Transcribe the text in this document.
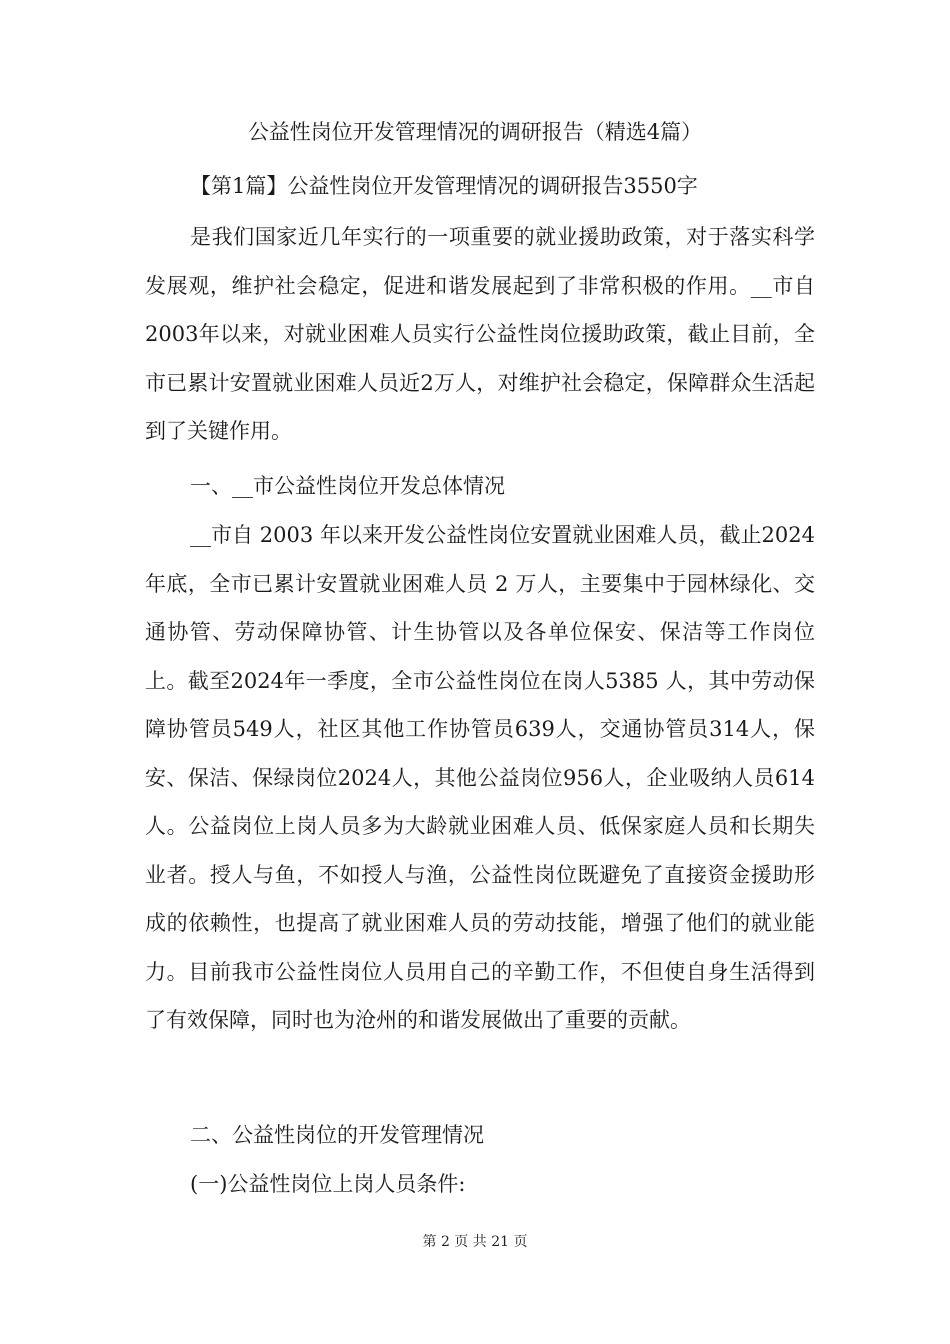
公益性岗位开发管理情况的调研报告（精选4篇）
【第1篇】公益性岗位开发管理情况的调研报告3550字

是我们国家近几年实行的一项重要的就业援助政策，对于落实科学发展观，维护社会稳定，促进和谐发展起到了非常积极的作用。__市自2003年以来，对就业困难人员实行公益性岗位援助政策，截止目前，全市已累计安置就业困难人员近2万人，对维护社会稳定，保障群众生活起到了关键作用。

一、__市公益性岗位开发总体情况

__市自 2003 年以来开发公益性岗位安置就业困难人员，截止2024年底，全市已累计安置就业困难人员 2 万人，主要集中于园林绿化、交通协管、劳动保障协管、计生协管以及各单位保安、保洁等工作岗位上。截至2024年一季度，全市公益性岗位在岗人5385 人，其中劳动保障协管员549人，社区其他工作协管员639人，交通协管员314人，保安、保洁、保绿岗位2024人，其他公益岗位956人，企业吸纳人员614人。公益岗位上岗人员多为大龄就业困难人员、低保家庭人员和长期失业者。授人与鱼，不如授人与渔，公益性岗位既避免了直接资金援助形成的依赖性，也提高了就业困难人员的劳动技能，增强了他们的就业能力。目前我市公益性岗位人员用自己的辛勤工作，不但使自身生活得到了有效保障，同时也为沧州的和谐发展做出了重要的贡献。

二、公益性岗位的开发管理情况

(一)公益性岗位上岗人员条件:

第 2 页 共 21 页
